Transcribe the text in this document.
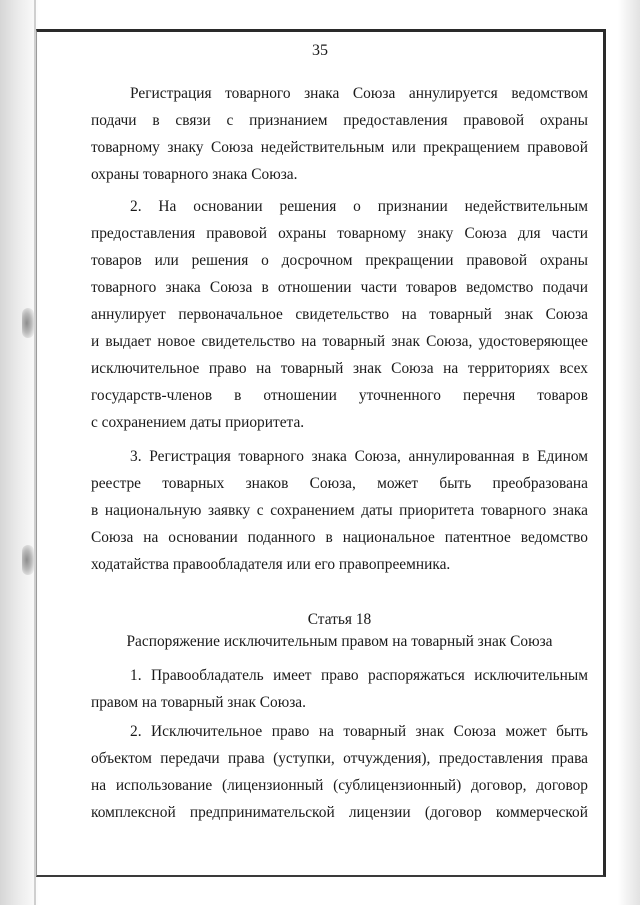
35
Регистрация товарного знака Союза аннулируется ведомством
подачи в связи с признанием предоставления правовой охраны
товарному знаку Союза недействительным или прекращением правовой
охраны товарного знака Союза.
2. На основании решения о признании недействительным
предоставления правовой охраны товарному знаку Союза для части
товаров или решения о досрочном прекращении правовой охраны
товарного знака Союза в отношении части товаров ведомство подачи
аннулирует первоначальное свидетельство на товарный знак Союза
и выдает новое свидетельство на товарный знак Союза, удостоверяющее
исключительное право на товарный знак Союза на территориях всех
государств-членов в отношении уточненного перечня товаров
с сохранением даты приоритета.
3. Регистрация товарного знака Союза, аннулированная в Едином
реестре товарных знаков Союза, может быть преобразована
в национальную заявку с сохранением даты приоритета товарного знака
Союза на основании поданного в национальное патентное ведомство
ходатайства правообладателя или его правопреемника.
Статья 18
Распоряжение исключительным правом на товарный знак Союза
1. Правообладатель имеет право распоряжаться исключительным
правом на товарный знак Союза.
2. Исключительное право на товарный знак Союза может быть
объектом передачи права (уступки, отчуждения), предоставления права
на использование (лицензионный (сублицензионный) договор, договор
комплексной предпринимательской лицензии (договор коммерческой
